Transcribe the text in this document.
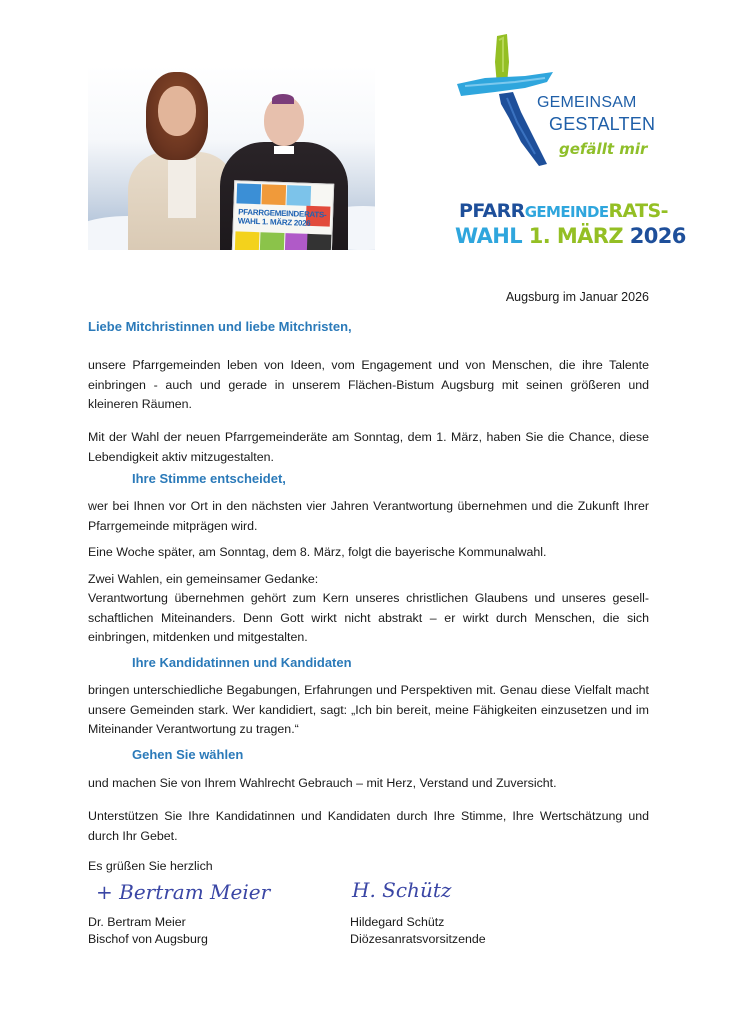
PFARRGEMEINDERATS-WAHL 1. MÄRZ 2026
GEMEINSAM
GESTALTEN
gefällt mir
PFARRGEMEINDERATS-
WAHL 1. MÄRZ 2026
Augsburg im Januar 2026
Liebe Mitchristinnen und liebe Mitchristen,
unsere Pfarrgemeinden leben von Ideen, vom Engagement und von Menschen, die ihre Talente einbringen - auch und gerade in unserem Flächen-Bistum Augsburg mit seinen größeren und kleineren Räumen.
Mit der Wahl der neuen Pfarrgemeinderäte am Sonntag, dem 1. März, haben Sie die Chance, diese Lebendigkeit aktiv mitzugestalten.
Ihre Stimme entscheidet,
wer bei Ihnen vor Ort in den nächsten vier Jahren Verantwortung übernehmen und die Zukunft Ihrer Pfarrgemeinde mitprägen wird.
Eine Woche später, am Sonntag, dem 8. März, folgt die bayerische Kommunalwahl.
Zwei Wahlen, ein gemeinsamer Gedanke:
Verantwortung übernehmen gehört zum Kern unseres christlichen Glaubens und unseres gesellschaftlichen Miteinanders. Denn Gott wirkt nicht abstrakt – er wirkt durch Menschen, die sich einbringen, mitdenken und mitgestalten.
Ihre Kandidatinnen und Kandidaten
bringen unterschiedliche Begabungen, Erfahrungen und Perspektiven mit. Genau diese Vielfalt macht unsere Gemeinden stark. Wer kandidiert, sagt: „Ich bin bereit, meine Fähigkeiten einzusetzen und im Miteinander Verantwortung zu tragen.“
Gehen Sie wählen
und machen Sie von Ihrem Wahlrecht Gebrauch – mit Herz, Verstand und Zuversicht.
Unterstützen Sie Ihre Kandidatinnen und Kandidaten durch Ihre Stimme, Ihre Wertschätzung und durch Ihr Gebet.
Es grüßen Sie herzlich
+ Bertram Meier
Dr. Bertram Meier
Bischof von Augsburg
H. Schütz
Hildegard Schütz
Diözesanratsvorsitzende
